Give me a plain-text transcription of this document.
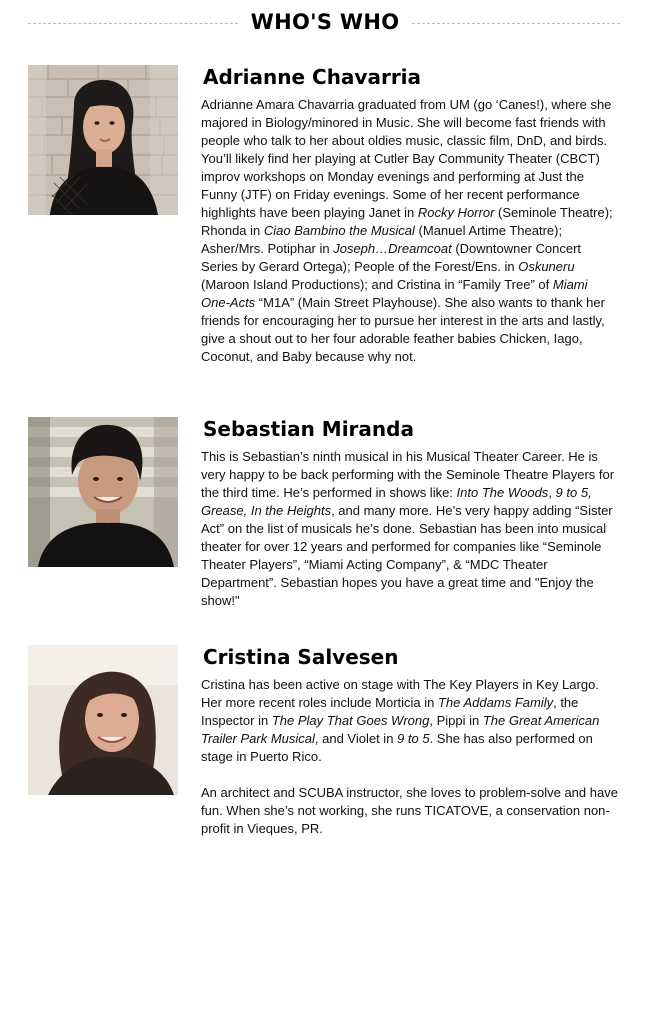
WHO'S WHO
Adrianne Chavarria
Adrianne Amara Chavarria graduated from UM (go ‘Canes!), where she majored in Biology/minored in Music. She will become fast friends with people who talk to her about oldies music, classic film, DnD, and birds. You’ll likely find her playing at Cutler Bay Community Theater (CBCT) improv workshops on Monday evenings and performing at Just the Funny (JTF) on Friday evenings. Some of her recent performance highlights have been playing Janet in Rocky Horror (Seminole Theatre); Rhonda in Ciao Bambino the Musical (Manuel Artime Theatre); Asher/Mrs. Potiphar in Joseph…Dreamcoat (Downtowner Concert Series by Gerard Ortega); People of the Forest/Ens. in Oskuneru (Maroon Island Productions); and Cristina in “Family Tree” of Miami One-Acts “M1A” (Main Street Playhouse). She also wants to thank her friends for encouraging her to pursue her interest in the arts and lastly, give a shout out to her four adorable feather babies Chicken, Iago, Coconut, and Baby because why not.
Sebastian Miranda
This is Sebastian’s ninth musical in his Musical Theater Career. He is very happy to be back performing with the Seminole Theatre Players for the third time. He’s performed in shows like: Into The Woods, 9 to 5, Grease, In the Heights, and many more. He’s very happy adding “Sister Act” on the list of musicals he’s done. Sebastian has been into musical theater for over 12 years and performed for companies like “Seminole Theater Players”, “Miami Acting Company”, & “MDC Theater Department”. Sebastian hopes you have a great time and "Enjoy the show!"
Cristina Salvesen
Cristina has been active on stage with The Key Players in Key Largo. Her more recent roles include Morticia in The Addams Family, the Inspector in The Play That Goes Wrong, Pippi in The Great American Trailer Park Musical, and Violet in 9 to 5. She has also performed on stage in Puerto Rico.
An architect and SCUBA instructor, she loves to problem-solve and have fun. When she’s not working, she runs TICATOVE, a conservation non-profit in Vieques, PR.
